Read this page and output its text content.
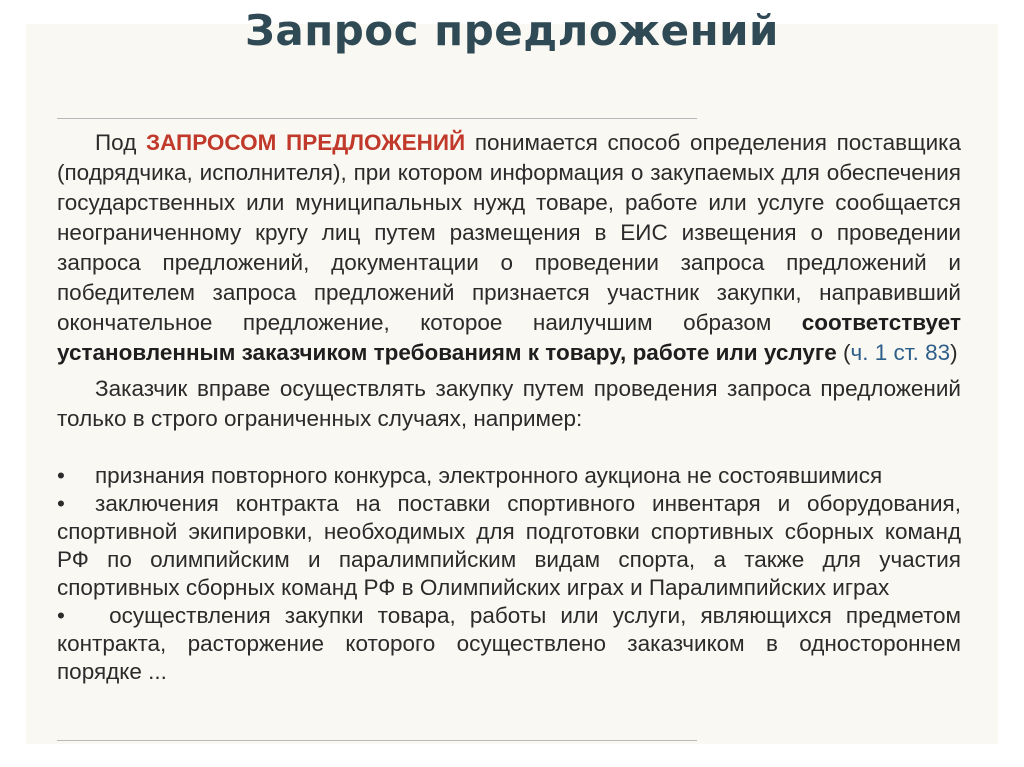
Запрос предложений

Под ЗАПРОСОМ ПРЕДЛОЖЕНИЙ понимается способ определения поставщика (подрядчика, исполнителя), при котором информация о закупаемых для обеспечения государственных или муниципальных нужд товаре, работе или услуге сообщается неограниченному кругу лиц путем размещения в ЕИС извещения о проведении запроса предложений, документации о проведении запроса предложений и победителем запроса предложений признается участник закупки, направивший окончательное предложение, которое наилучшим образом соответствует установленным заказчиком требованиям к товару, работе или услуге (ч. 1 ст. 83)

Заказчик вправе осуществлять закупку путем проведения запроса предложений только в строго ограниченных случаях, например:

• признания повторного конкурса, электронного аукциона не состоявшимися
• заключения контракта на поставки спортивного инвентаря и оборудования, спортивной экипировки, необходимых для подготовки спортивных сборных команд РФ по олимпийским и паралимпийским видам спорта, а также для участия спортивных сборных команд РФ в Олимпийских играх и Паралимпийских играх
• осуществления закупки товара, работы или услуги, являющихся предметом контракта, расторжение которого осуществлено заказчиком в одностороннем порядке ...
